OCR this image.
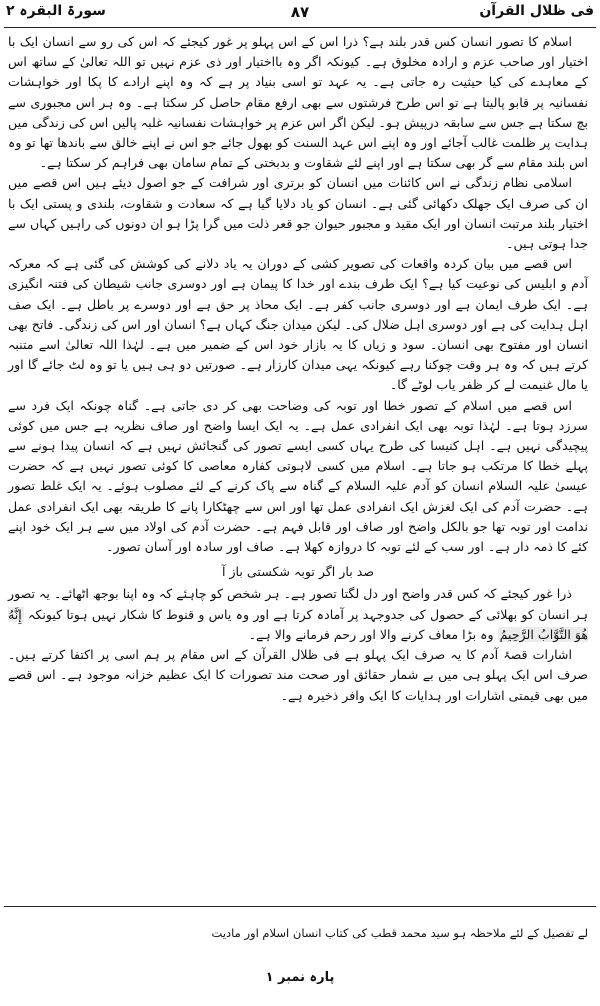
فی ظلال القرآن
۸۷
سورۃ البقرہ ۲

اسلام کا تصور انسان کس قدر بلند ہے؟ ذرا اس کے اس پہلو پر غور کیجئے کہ اس کی رو سے انسان ایک با اختیار اور صاحب عزم و ارادہ مخلوق ہے۔ کیونکہ اگر وہ بااختیار اور ذی عزم نہیں تو اللہ تعالیٰ کے ساتھ اس کے معاہدے کی کیا حیثیت رہ جاتی ہے۔ یہ عہد تو اسی بنیاد پر ہے کہ وہ اپنے ارادے کا پکا اور خواہشات نفسانیہ پر قابو پالیتا ہے تو اس طرح فرشتوں سے بھی ارفع مقام حاصل کر سکتا ہے۔ وہ ہر اس مجبوری سے بچ سکتا ہے جس سے سابقہ درپیش ہو۔ لیکن اگر اس عزم پر خواہشات نفسانیہ غلبہ پالیں اس کی زندگی میں ہدایت پر ظلمت غالب آجائے اور وہ اپنے اس عہد السنت کو بھول جائے جو اس نے اپنے خالق سے باندھا تھا تو وہ اس بلند مقام سے گر بھی سکتا ہے اور اپنے لئے شقاوت و بدبختی کے تمام سامان بھی فراہم کر سکتا ہے۔

اسلامی نظام زندگی نے اس کائنات میں انسان کو برتری اور شرافت کے جو اصول دیئے ہیں اس قصے میں ان کی صرف ایک جھلک دکھائی گئی ہے۔ انسان کو یاد دلایا گیا ہے کہ سعادت و شقاوت، بلندی و پستی ایک با اختیار بلند مرتبت انسان اور ایک مقید و مجبور حیوان جو قعر ذلت میں گرا پڑا ہو ان دونوں کی راہیں کہاں سے جدا ہوتی ہیں۔

اس قصے میں بیان کردہ واقعات کی تصویر کشی کے دوران یہ یاد دلانے کی کوشش کی گئی ہے کہ معرکہ آدم و ابلیس کی نوعیت کیا ہے؟ ایک طرف بندے اور خدا کا پیمان ہے اور دوسری جانب شیطان کی فتنہ انگیزی ہے۔ ایک طرف ایمان ہے اور دوسری جانب کفر ہے۔ ایک محاذ پر حق ہے اور دوسرے پر باطل ہے۔ ایک صف اہل ہدایت کی ہے اور دوسری اہل ضلال کی۔ لیکن میدان جنگ کہاں ہے؟ انسان اور اس کی زندگی۔ فاتح بھی انسان اور مفتوح بھی انسان۔ سود و زیاں کا یہ بازار خود اس کے ضمیر میں ہے۔ لہٰذا اللہ تعالیٰ اسے متنبہ کرتے ہیں کہ وہ ہر وقت چوکنا رہے کیونکہ یہی میدان کارزار ہے۔ صورتیں دو ہی ہیں یا تو وہ لٹ جائے گا اور یا مال غنیمت لے کر ظفر یاب لوٹے گا۔

اس قصے میں اسلام کے تصور خطا اور توبہ کی وضاحت بھی کر دی جاتی ہے۔ گناہ چونکہ ایک فرد سے سرزد ہوتا ہے۔ لہٰذا توبہ بھی ایک انفرادی عمل ہے۔ یہ ایک ایسا واضح اور صاف نظریہ ہے جس میں کوئی پیچیدگی نہیں ہے۔ اہل کنیسا کی طرح یہاں کسی ایسے تصور کی گنجائش نہیں ہے کہ انسان پیدا ہونے سے پہلے خطا کا مرتکب ہو جاتا ہے۔ اسلام میں کسی لاہوتی کفارہ معاصی کا کوئی تصور نہیں ہے کہ حضرت عیسیٰ علیہ السلام انسان کو آدم علیہ السلام کے گناہ سے پاک کرنے کے لئے مصلوب ہوئے۔ یہ ایک غلط تصور ہے۔ حضرت آدم کی ایک لغزش ایک انفرادی عمل تھا اور اس سے چھٹکارا پانے کا طریقہ بھی ایک انفرادی عمل ندامت اور توبہ تھا جو بالکل واضح اور صاف اور قابل فہم ہے۔ حضرت آدم کی اولاد میں سے ہر ایک خود اپنے کئے کا ذمہ دار ہے۔ اور سب کے لئے توبہ کا دروازہ کھلا ہے۔ صاف اور سادہ اور آسان تصور۔

صد بار اگر توبہ شکستی باز آ

ذرا غور کیجئے کہ کس قدر واضح اور دل لگتا تصور ہے۔ ہر شخص کو چاہئے کہ وہ اپنا بوجھ اٹھائے۔ یہ تصور ہر انسان کو بھلائی کے حصول کی جدوجہد پر آمادہ کرتا ہے اور وہ یاس و قنوط کا شکار نہیں ہوتا کیونکہ إِنَّهُ هُوَ التَّوَّابُ الرَّحِيمُ وہ بڑا معاف کرنے والا اور رحم فرمانے والا ہے۔

اشارات قصۂ آدم کا یہ صرف ایک پہلو ہے فی ظلال القرآن کے اس مقام پر ہم اسی پر اکتفا کرتے ہیں۔ صرف اس ایک پہلو ہی میں بے شمار حقائق اور صحت مند تصورات کا ایک عظیم خزانہ موجود ہے۔ اس قصے میں بھی قیمتی اشارات اور ہدایات کا ایک وافر ذخیرہ ہے۔

لے تفصیل کے لئے ملاحظہ ہو سید محمد قطب کی کتاب انسان اسلام اور مادیت
پارہ نمبر ۱
